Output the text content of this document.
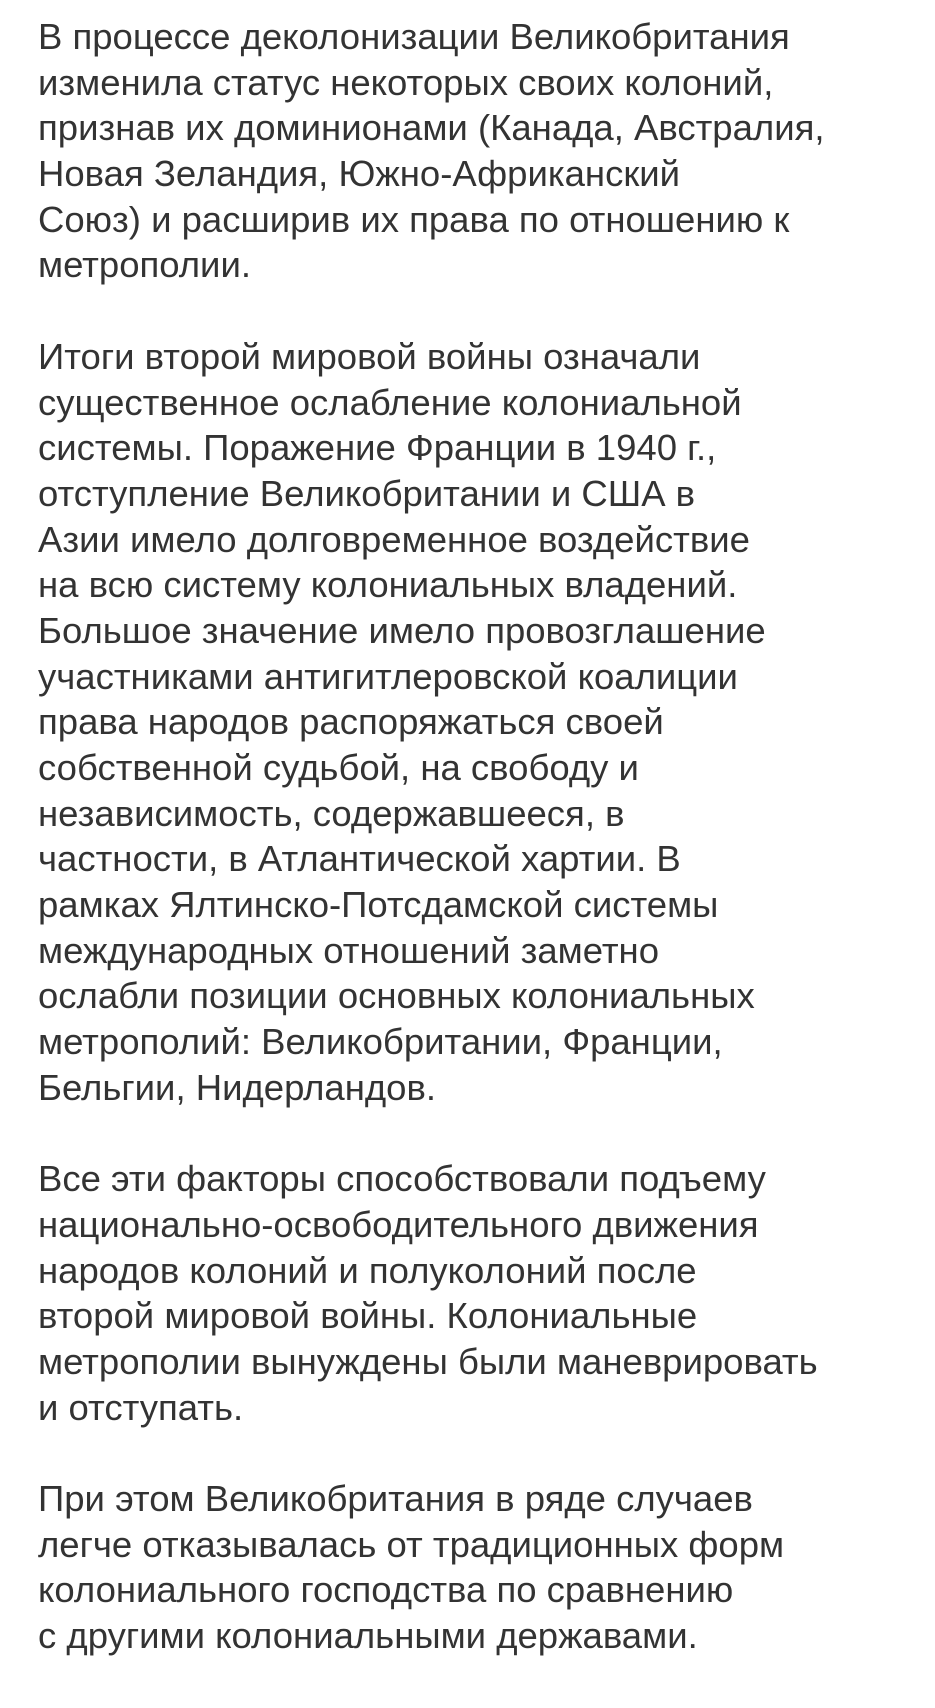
В процессе деколонизации Великобритания
изменила статус некоторых своих колоний,
признав их доминионами (Канада, Австралия,
Новая Зеландия, Южно-Африканский
Союз) и расширив их права по отношению к
метрополии.
Итоги второй мировой войны означали
существенное ослабление колониальной
системы. Поражение Франции в 1940 г.,
отступление Великобритании и США в
Азии имело долговременное воздействие
на всю систему колониальных владений.
Большое значение имело провозглашение
участниками антигитлеровской коалиции
права народов распоряжаться своей
собственной судьбой, на свободу и
независимость, содержавшееся, в
частности, в Атлантической хартии. В
рамках Ялтинско-Потсдамской системы
международных отношений заметно
ослабли позиции основных колониальных
метрополий: Великобритании, Франции,
Бельгии, Нидерландов.
Все эти факторы способствовали подъему
национально-освободительного движения
народов колоний и полуколоний после
второй мировой войны. Колониальные
метрополии вынуждены были маневрировать
и отступать.
При этом Великобритания в ряде случаев
легче отказывалась от традиционных форм
колониального господства по сравнению
с другими колониальными державами.
